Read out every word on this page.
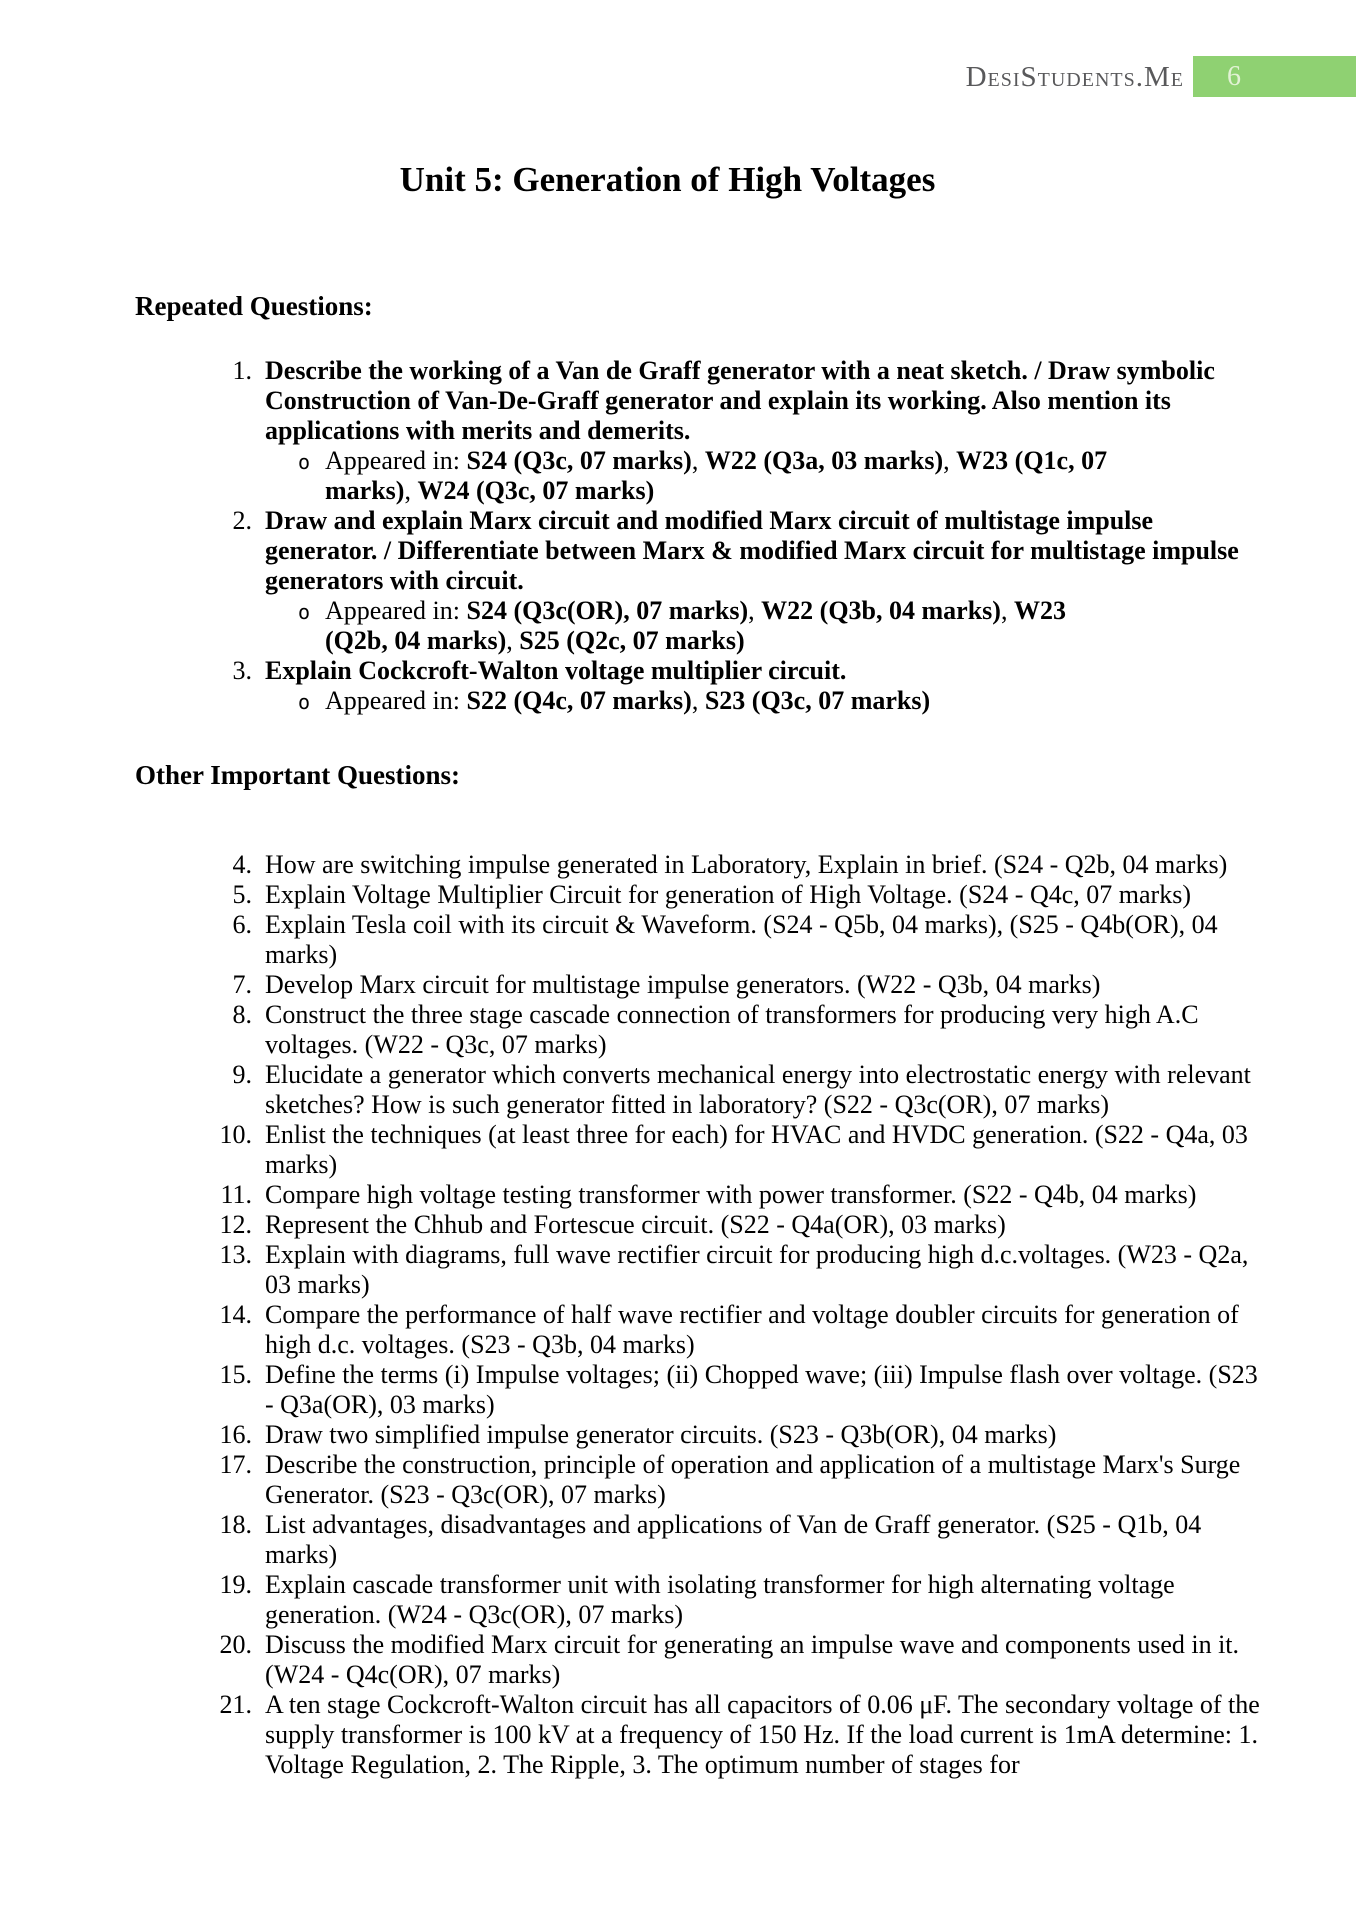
DesiStudents.Me	6
Unit 5: Generation of High Voltages
Repeated Questions:
1. Describe the working of a Van de Graff generator with a neat sketch. / Draw symbolic Construction of Van-De-Graff generator and explain its working. Also mention its applications with merits and demerits.
o Appeared in: S24 (Q3c, 07 marks), W22 (Q3a, 03 marks), W23 (Q1c, 07 marks), W24 (Q3c, 07 marks)
2. Draw and explain Marx circuit and modified Marx circuit of multistage impulse generator. / Differentiate between Marx & modified Marx circuit for multistage impulse generators with circuit.
o Appeared in: S24 (Q3c(OR), 07 marks), W22 (Q3b, 04 marks), W23 (Q2b, 04 marks), S25 (Q2c, 07 marks)
3. Explain Cockcroft-Walton voltage multiplier circuit.
o Appeared in: S22 (Q4c, 07 marks), S23 (Q3c, 07 marks)
Other Important Questions:
4. How are switching impulse generated in Laboratory, Explain in brief. (S24 - Q2b, 04 marks)
5. Explain Voltage Multiplier Circuit for generation of High Voltage. (S24 - Q4c, 07 marks)
6. Explain Tesla coil with its circuit & Waveform. (S24 - Q5b, 04 marks), (S25 - Q4b(OR), 04 marks)
7. Develop Marx circuit for multistage impulse generators. (W22 - Q3b, 04 marks)
8. Construct the three stage cascade connection of transformers for producing very high A.C voltages. (W22 - Q3c, 07 marks)
9. Elucidate a generator which converts mechanical energy into electrostatic energy with relevant sketches? How is such generator fitted in laboratory? (S22 - Q3c(OR), 07 marks)
10. Enlist the techniques (at least three for each) for HVAC and HVDC generation. (S22 - Q4a, 03 marks)
11. Compare high voltage testing transformer with power transformer. (S22 - Q4b, 04 marks)
12. Represent the Chhub and Fortescue circuit. (S22 - Q4a(OR), 03 marks)
13. Explain with diagrams, full wave rectifier circuit for producing high d.c.voltages. (W23 - Q2a, 03 marks)
14. Compare the performance of half wave rectifier and voltage doubler circuits for generation of high d.c. voltages. (S23 - Q3b, 04 marks)
15. Define the terms (i) Impulse voltages; (ii) Chopped wave; (iii) Impulse flash over voltage. (S23 - Q3a(OR), 03 marks)
16. Draw two simplified impulse generator circuits. (S23 - Q3b(OR), 04 marks)
17. Describe the construction, principle of operation and application of a multistage Marx's Surge Generator. (S23 - Q3c(OR), 07 marks)
18. List advantages, disadvantages and applications of Van de Graff generator. (S25 - Q1b, 04 marks)
19. Explain cascade transformer unit with isolating transformer for high alternating voltage generation. (W24 - Q3c(OR), 07 marks)
20. Discuss the modified Marx circuit for generating an impulse wave and components used in it. (W24 - Q4c(OR), 07 marks)
21. A ten stage Cockcroft-Walton circuit has all capacitors of 0.06 μF. The secondary voltage of the supply transformer is 100 kV at a frequency of 150 Hz. If the load current is 1mA determine: 1. Voltage Regulation, 2. The Ripple, 3. The optimum number of stages for
